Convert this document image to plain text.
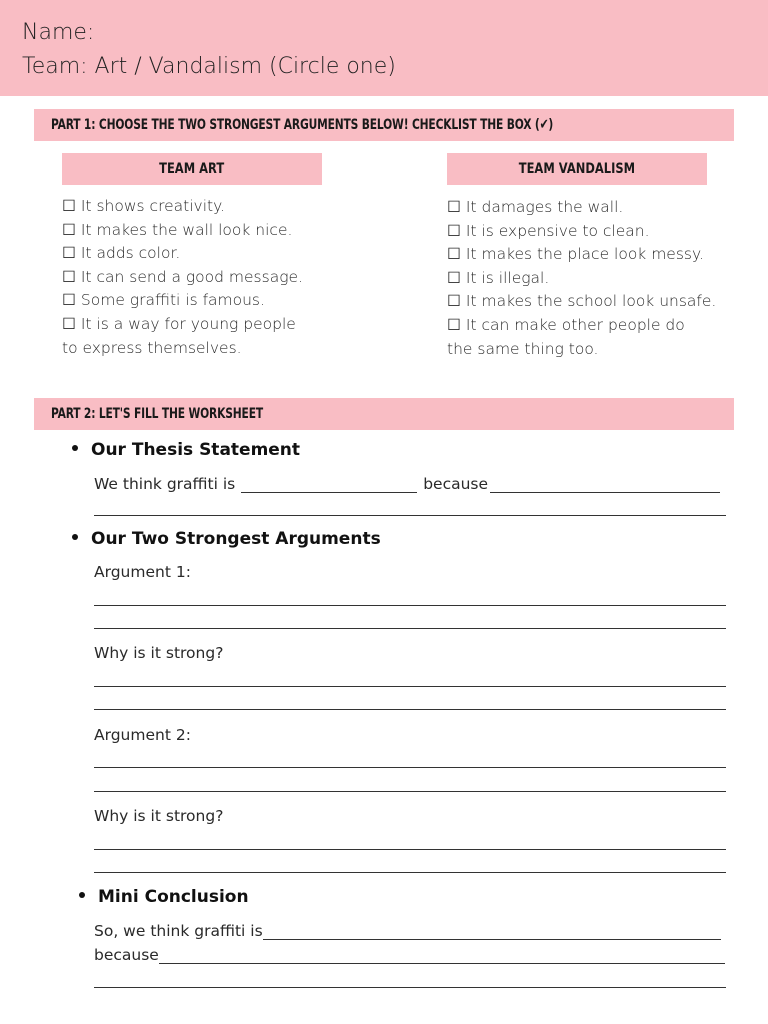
Name:
Team: Art / Vandalism (Circle one)
PART 1: CHOOSE THE TWO STRONGEST ARGUMENTS BELOW! CHECKLIST THE BOX (✔)
TEAM ART	TEAM VANDALISM
☐ It shows creativity.
☐ It makes the wall look nice.
☐ It adds color.
☐ It can send a good message.
☐ Some graffiti is famous.
☐ It is a way for young people
to express themselves.
☐ It damages the wall.
☐ It is expensive to clean.
☐ It makes the place look messy.
☐ It is illegal.
☐ It makes the school look unsafe.
☐ It can make other people do
the same thing too.
PART 2: LET'S FILL THE WORKSHEET
Our Thesis Statement
We think graffiti is	because
Our Two Strongest Arguments
Argument 1:
Why is it strong?
Argument 2:
Why is it strong?
Mini Conclusion
So, we think graffiti is
because
